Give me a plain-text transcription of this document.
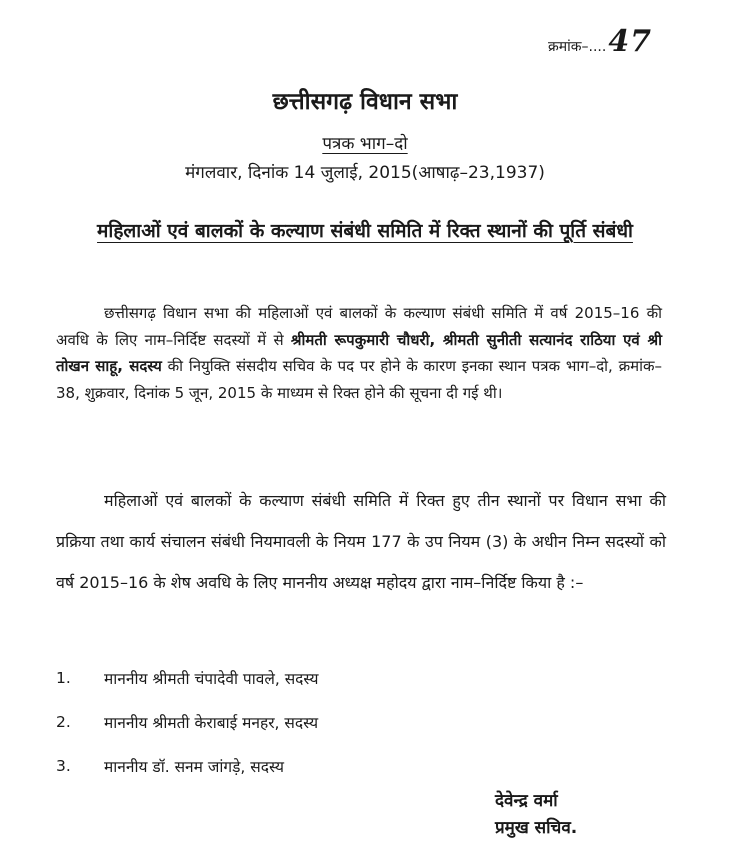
क्रमांक–.... 47
छत्तीसगढ़ विधान सभा
पत्रक भाग–दो
मंगलवार, दिनांक 14 जुलाई, 2015(आषाढ़–23,1937)
महिलाओं एवं बालकों के कल्याण संबंधी समिति में रिक्त स्थानों की पूर्ति संबंधी
छत्तीसगढ़ विधान सभा की महिलाओं एवं बालकों के कल्याण संबंधी समिति में वर्ष 2015–16 की अवधि के लिए नाम–निर्दिष्ट सदस्यों में से श्रीमती रूपकुमारी चौधरी, श्रीमती सुनीती सत्यानंद राठिया एवं श्री तोखन साहू, सदस्य की नियुक्ति संसदीय सचिव के पद पर होने के कारण इनका स्थान पत्रक भाग–दो, क्रमांक–38, शुक्रवार, दिनांक 5 जून, 2015 के माध्यम से रिक्त होने की सूचना दी गई थी।

महिलाओं एवं बालकों के कल्याण संबंधी समिति में रिक्त हुए तीन स्थानों पर विधान सभा की प्रक्रिया तथा कार्य संचालन संबंधी नियमावली के नियम 177 के उप नियम (3) के अधीन निम्न सदस्यों को वर्ष 2015–16 के शेष अवधि के लिए माननीय अध्यक्ष महोदय द्वारा नाम–निर्दिष्ट किया है :–

1.	माननीय श्रीमती चंपादेवी पावले, सदस्य
2.	माननीय श्रीमती केराबाई मनहर, सदस्य
3.	माननीय डॉ. सनम जांगड़े, सदस्य
देवेन्द्र वर्मा
प्रमुख सचिव.
